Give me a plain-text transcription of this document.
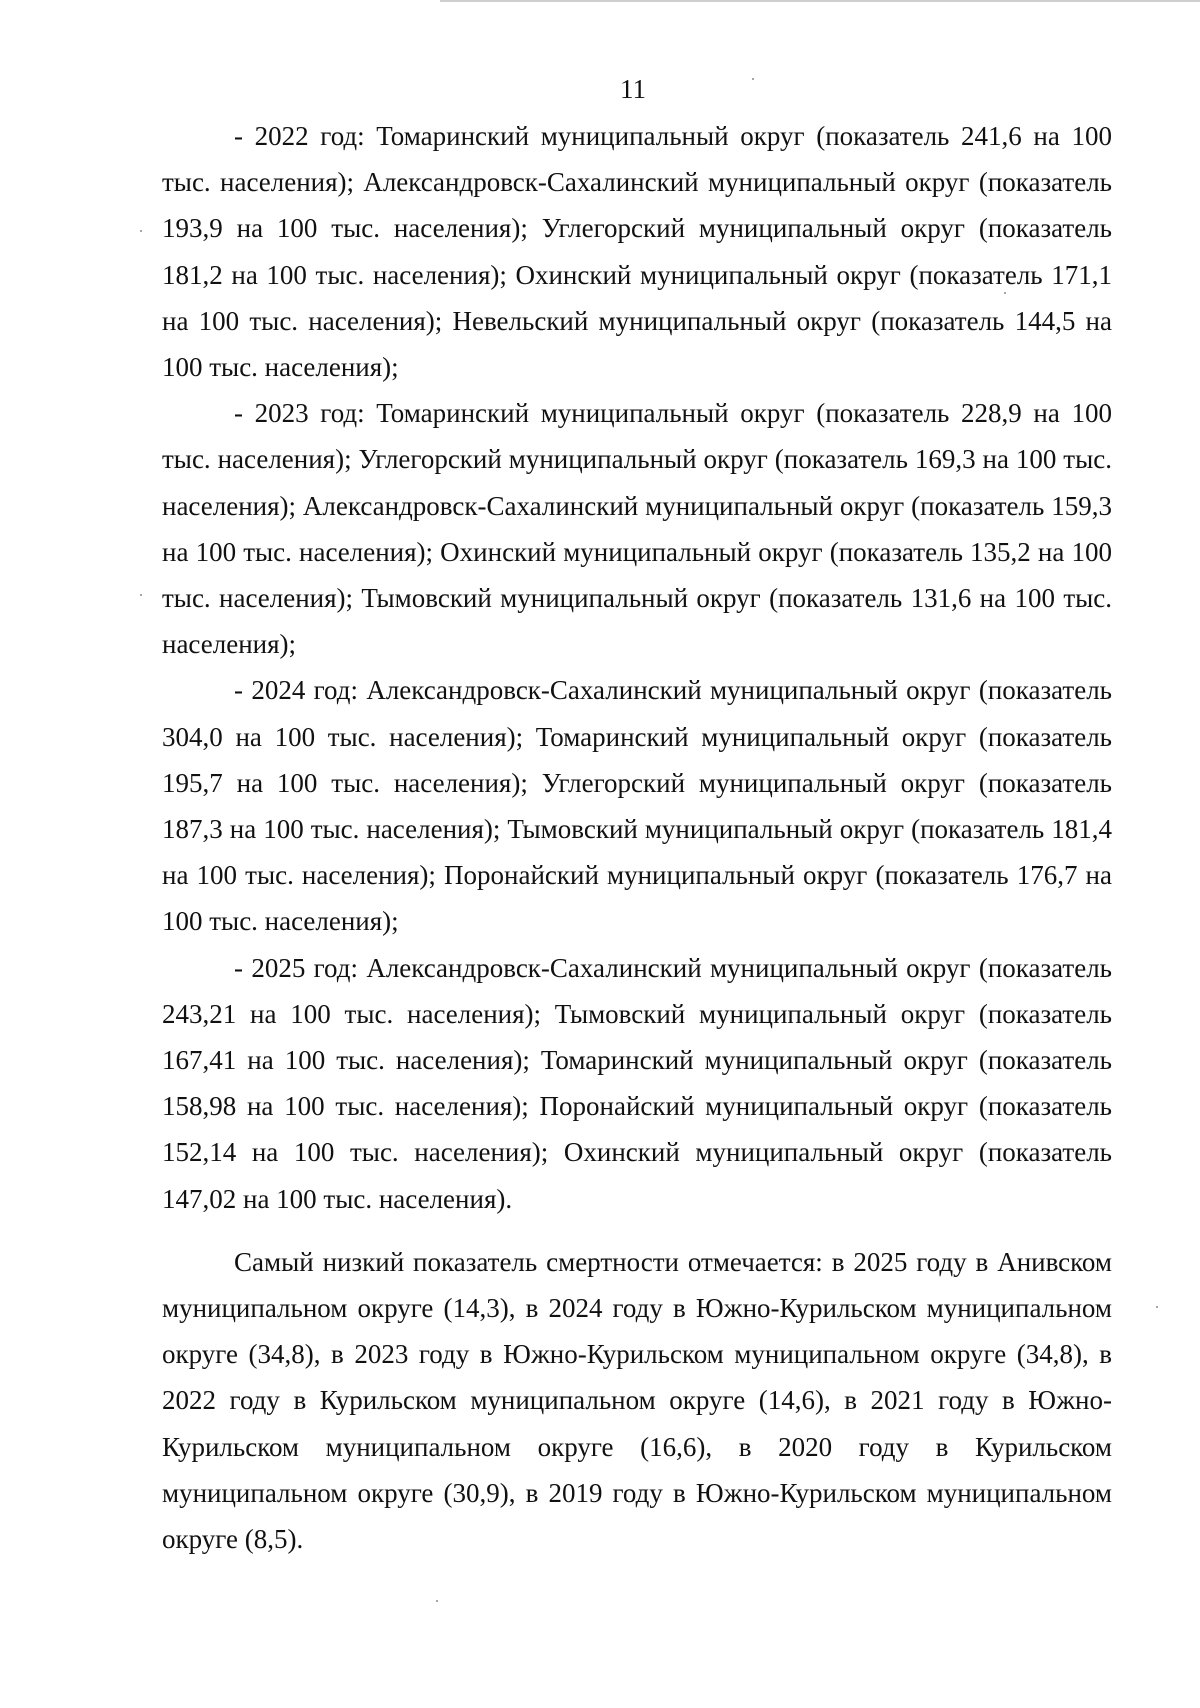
11

- 2022 год: Томаринский муниципальный округ (показатель 241,6 на 100 тыс. населения); Александровск-Сахалинский муниципальный округ (показатель 193,9 на 100 тыс. населения); Углегорский муниципальный округ (показатель 181,2 на 100 тыс. населения); Охинский муниципальный округ (показатель 171,1 на 100 тыс. населения); Невельский муниципальный округ (показатель 144,5 на 100 тыс. населения);

- 2023 год: Томаринский муниципальный округ (показатель 228,9 на 100 тыс. населения); Углегорский муниципальный округ (показатель 169,3 на 100 тыс. населения); Александровск-Сахалинский муниципальный округ (показатель 159,3 на 100 тыс. населения); Охинский муниципальный округ (показатель 135,2 на 100 тыс. населения); Тымовский муниципальный округ (показатель 131,6 на 100 тыс. населения);

- 2024 год: Александровск-Сахалинский муниципальный округ (показатель 304,0 на 100 тыс. населения); Томаринский муниципальный округ (показатель 195,7 на 100 тыс. населения); Углегорский муниципальный округ (показатель 187,3 на 100 тыс. населения); Тымовский муниципальный округ (показатель 181,4 на 100 тыс. населения); Поронайский муниципальный округ (показатель 176,7 на 100 тыс. населения);

- 2025 год: Александровск-Сахалинский муниципальный округ (показатель 243,21 на 100 тыс. населения); Тымовский муниципальный округ (показатель 167,41 на 100 тыс. населения); Томаринский муниципальный округ (показатель 158,98 на 100 тыс. населения); Поронайский муниципальный округ (показатель 152,14 на 100 тыс. населения); Охинский муниципальный округ (показатель 147,02 на 100 тыс. населения).

Самый низкий показатель смертности отмечается: в 2025 году в Анивском муниципальном округе (14,3), в 2024 году в Южно-Курильском муниципальном округе (34,8), в 2023 году в Южно-Курильском муниципальном округе (34,8), в 2022 году в Курильском муниципальном округе (14,6), в 2021 году в Южно-Курильском муниципальном округе (16,6), в 2020 году в Курильском муниципальном округе (30,9), в 2019 году в Южно-Курильском муниципальном округе (8,5).
